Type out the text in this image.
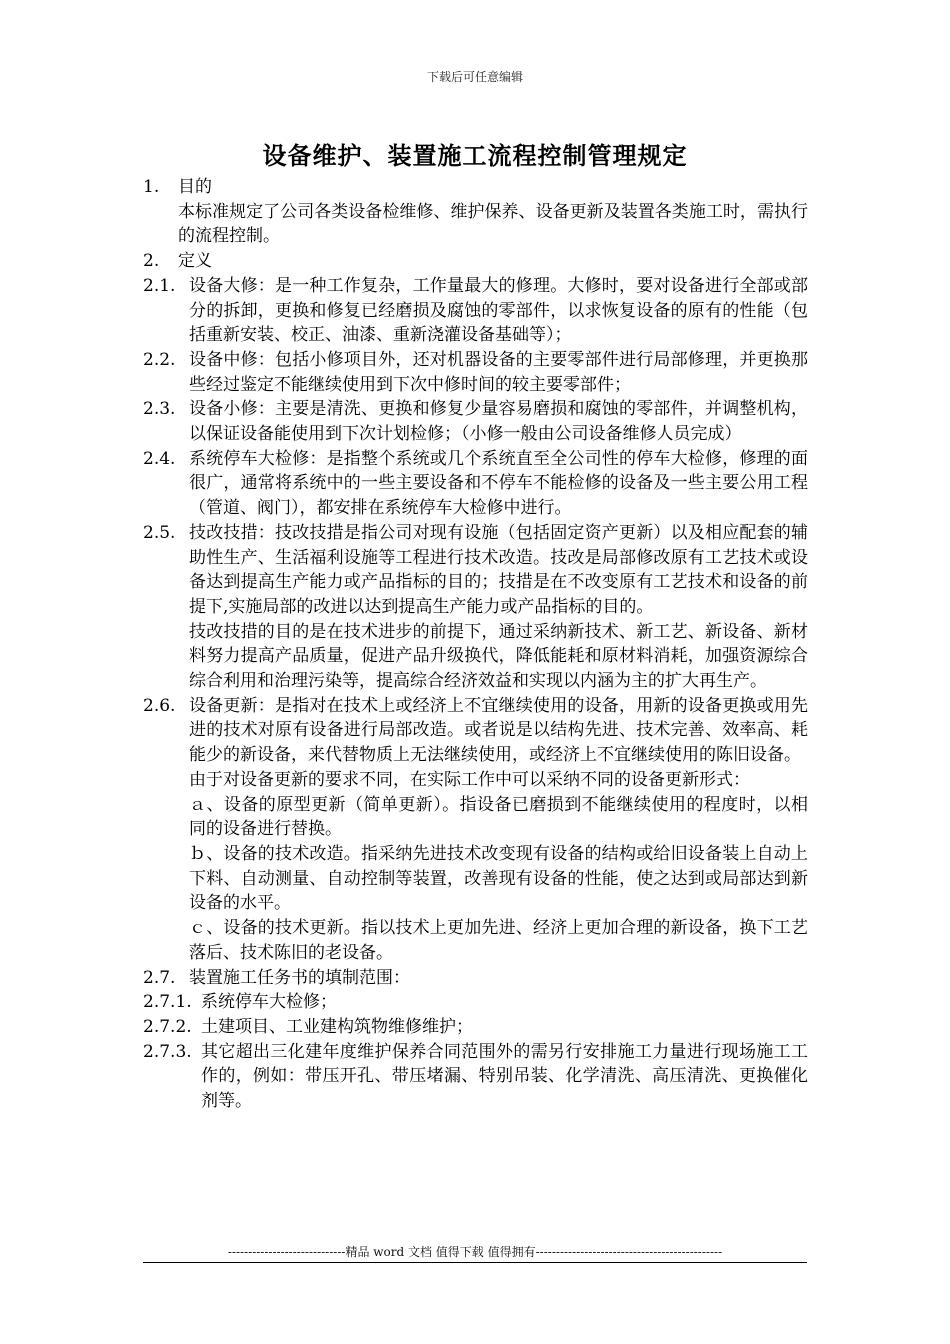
下载后可任意编辑
设备维护、装置施工流程控制管理规定
1.	目的
本标准规定了公司各类设备检维修、维护保养、设备更新及装置各类施工时，需执行的流程控制。
2.	定义
2.1. 设备大修：是一种工作复杂，工作量最大的修理。大修时，要对设备进行全部或部分的拆卸，更换和修复已经磨损及腐蚀的零部件，以求恢复设备的原有的性能（包括重新安装、校正、油漆、重新浇灌设备基础等）；
2.2. 设备中修：包括小修项目外，还对机器设备的主要零部件进行局部修理，并更换那些经过鉴定不能继续使用到下次中修时间的较主要零部件；
2.3. 设备小修：主要是清洗、更换和修复少量容易磨损和腐蚀的零部件，并调整机构，以保证设备能使用到下次计划检修；（小修一般由公司设备维修人员完成）
2.4. 系统停车大检修：是指整个系统或几个系统直至全公司性的停车大检修，修理的面很广，通常将系统中的一些主要设备和不停车不能检修的设备及一些主要公用工程（管道、阀门），都安排在系统停车大检修中进行。
2.5. 技改技措：技改技措是指公司对现有设施（包括固定资产更新）以及相应配套的辅助性生产、生活福利设施等工程进行技术改造。技改是局部修改原有工艺技术或设备达到提高生产能力或产品指标的目的；技措是在不改变原有工艺技术和设备的前提下,实施局部的改进以达到提高生产能力或产品指标的目的。
技改技措的目的是在技术进步的前提下，通过采纳新技术、新工艺、新设备、新材料努力提高产品质量，促进产品升级换代，降低能耗和原材料消耗，加强资源综合综合利用和治理污染等，提高综合经济效益和实现以内涵为主的扩大再生产。
2.6. 设备更新：是指对在技术上或经济上不宜继续使用的设备，用新的设备更换或用先进的技术对原有设备进行局部改造。或者说是以结构先进、技术完善、效率高、耗能少的新设备，来代替物质上无法继续使用，或经济上不宜继续使用的陈旧设备。
由于对设备更新的要求不同，在实际工作中可以采纳不同的设备更新形式：
ａ、设备的原型更新（简单更新）。指设备已磨损到不能继续使用的程度时，以相同的设备进行替换。
ｂ、设备的技术改造。指采纳先进技术改变现有设备的结构或给旧设备装上自动上下料、自动测量、自动控制等装置，改善现有设备的性能，使之达到或局部达到新设备的水平。
ｃ、设备的技术更新。指以技术上更加先进、经济上更加合理的新设备，换下工艺落后、技术陈旧的老设备。
2.7. 装置施工任务书的填制范围：
2.7.1. 系统停车大检修；
2.7.2. 土建项目、工业建构筑物维修维护；
2.7.3. 其它超出三化建年度维护保养合同范围外的需另行安排施工力量进行现场施工工作的，例如：带压开孔、带压堵漏、特别吊装、化学清洗、高压清洗、更换催化剂等。
-----------------------------精品 word 文档 值得下载 值得拥有----------------------------------------------
